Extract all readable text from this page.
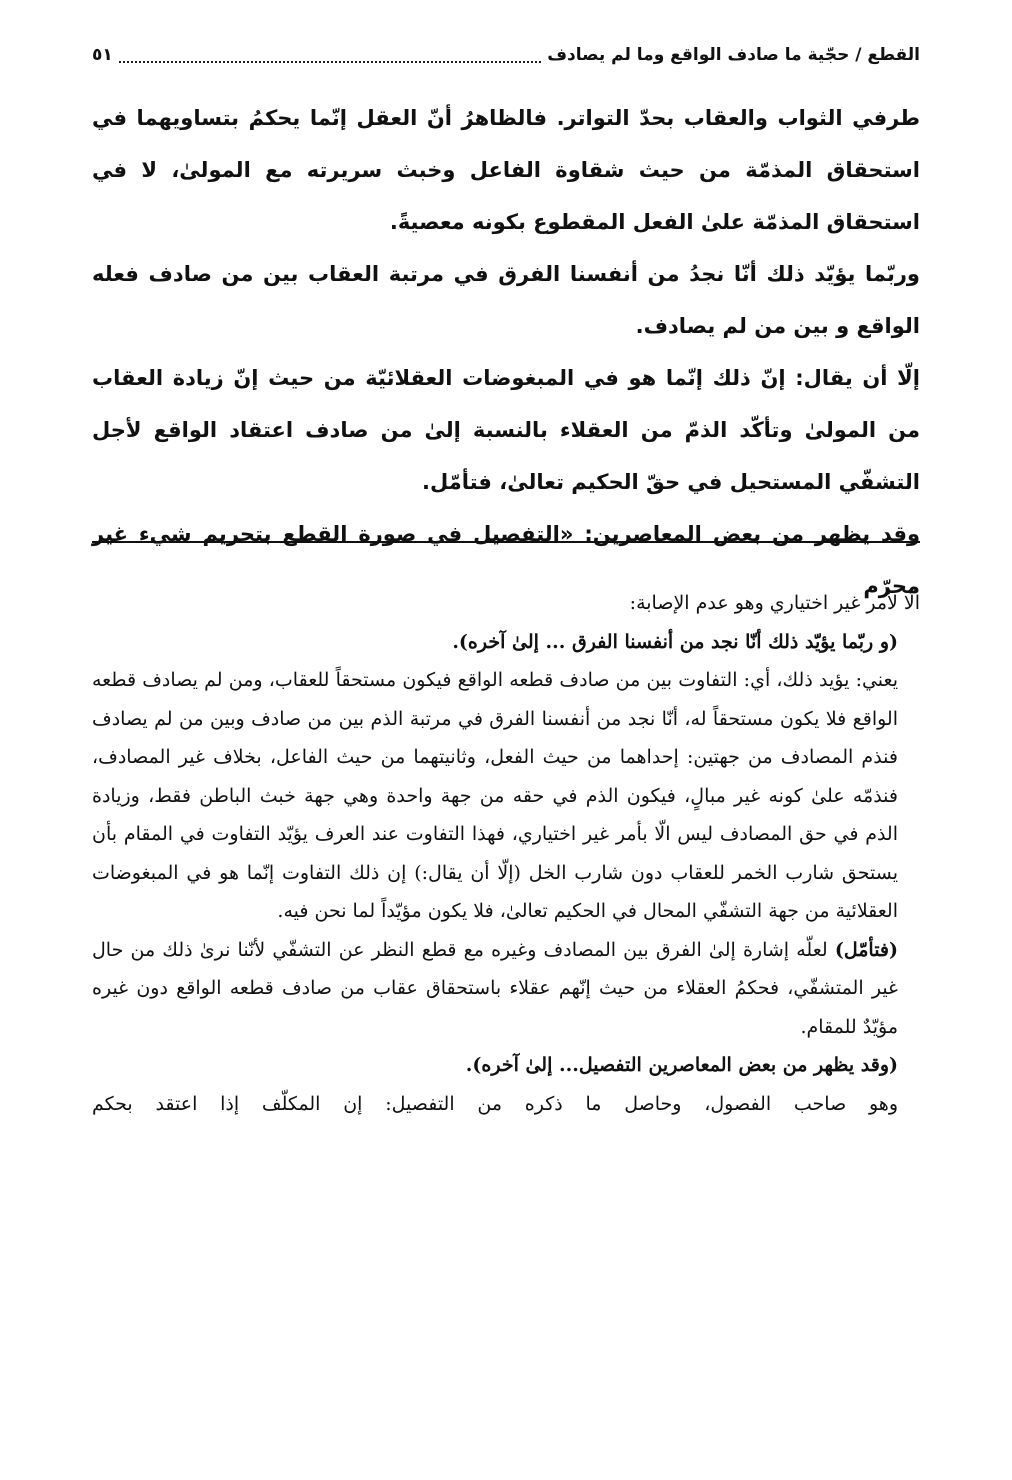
القطع / حجّية ما صادف الواقع وما لم يصادف
٥١

طرفي الثواب والعقاب بحدّ التواتر. فالظاهرُ أنّ العقل إنّما يحكمُ بتساويهما في استحقاق المذمّة من حيث شقاوة الفاعل وخبث سريرته مع المولىٰ، لا في استحقاق المذمّة علىٰ الفعل المقطوع بكونه معصيةً.

وربّما يؤيّد ذلك أنّا نجدُ من أنفسنا الفرق في مرتبة العقاب بين من صادف فعله الواقع و بين من لم يصادف.

إلّا أن يقال: إنّ ذلك إنّما هو في المبغوضات العقلائيّة من حيث إنّ زيادة العقاب من المولىٰ وتأكّد الذمّ من العقلاء بالنسبة إلىٰ من صادف اعتقاد الواقع لأجل التشفّي المستحيل في حقّ الحكيم تعالىٰ، فتأمّل.

وقد يظهر من بعض المعاصرين: «التفصيل في صورة القطع بتحريم شيء غير محرّم

الّا لأمر غير اختياري وهو عدم الإصابة:

(و ربّما يؤيّد ذلك أنّا نجد من أنفسنا الفرق ... إلىٰ آخره).

يعني: يؤيد ذلك، أي: التفاوت بين من صادف قطعه الواقع فيكون مستحقاً للعقاب، ومن لم يصادف قطعه الواقع فلا يكون مستحقاً له، أنّا نجد من أنفسنا الفرق في مرتبة الذم بين من صادف وبين من لم يصادف فنذم المصادف من جهتين: إحداهما من حيث الفعل، وثانيتهما من حيث الفاعل، بخلاف غير المصادف، فنذمّه علىٰ كونه غير مبالٍ، فيكون الذم في حقه من جهة واحدة وهي جهة خبث الباطن فقط، وزيادة الذم في حق المصادف ليس الّا بأمر غير اختياري، فهذا التفاوت عند العرف يؤيّد التفاوت في المقام بأن يستحق شارب الخمر للعقاب دون شارب الخل (إلّا أن يقال:) إن ذلك التفاوت إنّما هو في المبغوضات العقلائية من جهة التشفّي المحال في الحكيم تعالىٰ، فلا يكون مؤيّداً لما نحن فيه.

(فتأمّل) لعلّه إشارة إلىٰ الفرق بين المصادف وغيره مع قطع النظر عن التشفّي لأنّنا نرىٰ ذلك من حال غير المتشفّي، فحكمُ العقلاء من حيث إنّهم عقلاء باستحقاق عقاب من صادف قطعه الواقع دون غيره مؤيّدٌ للمقام.

(وقد يظهر من بعض المعاصرين التفصيل... إلىٰ آخره).

وهو صاحب الفصول، وحاصل ما ذكره من التفصيل: إن المكلّف إذا اعتقد بحكم
